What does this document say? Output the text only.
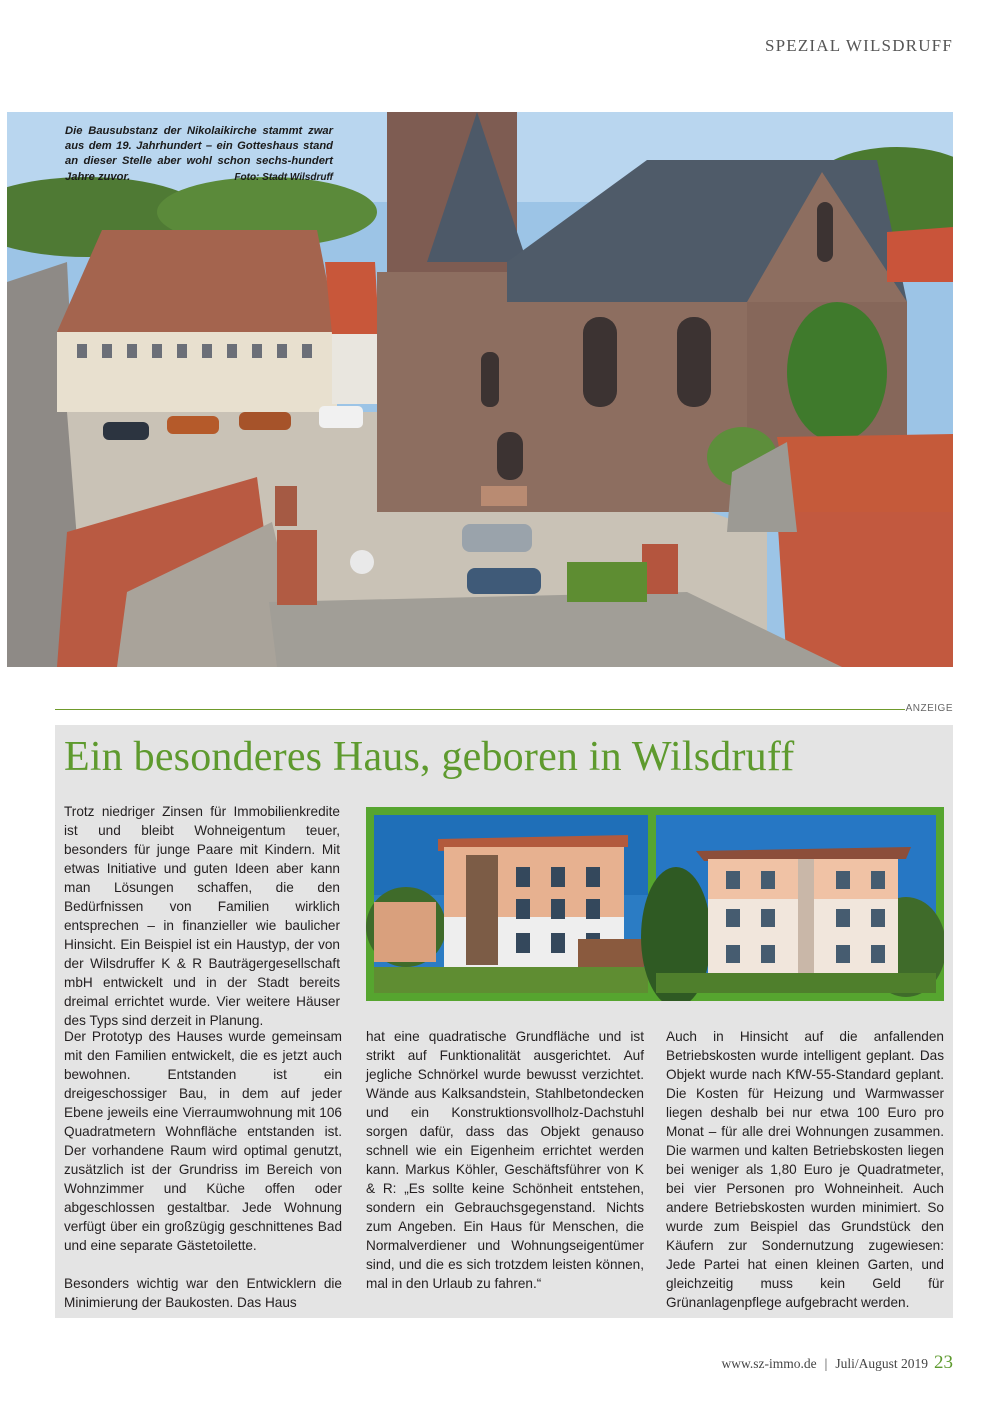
SPEZIAL WILSDRUFF
Die Bausubstanz der Nikolaikirche stammt zwar aus dem 19. Jahrhundert – ein Gotteshaus stand an dieser Stelle aber wohl schon sechs-hundert Jahre zuvor.	Foto: Stadt Wilsdruff
ANZEIGE
Ein besonderes Haus, geboren in Wilsdruff

Trotz niedriger Zinsen für Immobilienkredite ist und bleibt Wohneigentum teuer, besonders für junge Paare mit Kindern. Mit etwas Initiative und guten Ideen aber kann man Lösungen schaffen, die den Bedürfnissen von Familien wirklich entsprechen – in finanzieller wie baulicher Hinsicht. Ein Beispiel ist ein Haustyp, der von der Wilsdruffer K & R Bauträgergesellschaft mbH entwickelt und in der Stadt bereits dreimal errichtet wurde. Vier weitere Häuser des Typs sind derzeit in Planung.

Der Prototyp des Hauses wurde gemeinsam mit den Familien entwickelt, die es jetzt auch bewohnen. Entstanden ist ein dreigeschossiger Bau, in dem auf jeder Ebene jeweils eine Vierraumwohnung mit 106 Quadratmetern Wohnfläche entstanden ist. Der vorhandene Raum wird optimal genutzt, zusätzlich ist der Grundriss im Bereich von Wohnzimmer und Küche offen oder abgeschlossen gestaltbar. Jede Wohnung verfügt über ein großzügig geschnittenes Bad und eine separate Gästetoilette.

Besonders wichtig war den Entwicklern die Minimierung der Baukosten. Das Haus

hat eine quadratische Grundfläche und ist strikt auf Funktionalität ausgerichtet. Auf jegliche Schnörkel wurde bewusst verzichtet. Wände aus Kalksandstein, Stahlbetondecken und ein Konstruktionsvollholz-Dachstuhl sorgen dafür, dass das Objekt genauso schnell wie ein Eigenheim errichtet werden kann. Markus Köhler, Geschäftsführer von K & R: „Es sollte keine Schönheit entstehen, sondern ein Gebrauchsgegenstand. Nichts zum Angeben. Ein Haus für Menschen, die Normalverdiener und Wohnungseigentümer sind, und die es sich trotzdem leisten können, mal in den Urlaub zu fahren.“

Auch in Hinsicht auf die anfallenden Betriebskosten wurde intelligent geplant. Das Objekt wurde nach KfW-55-Standard geplant. Die Kosten für Heizung und Warmwasser liegen deshalb bei nur etwa 100 Euro pro Monat – für alle drei Wohnungen zusammen. Die warmen und kalten Betriebskosten liegen bei weniger als 1,80 Euro je Quadratmeter, bei vier Personen pro Wohneinheit. Auch andere Betriebskosten wurden minimiert. So wurde zum Beispiel das Grundstück den Käufern zur Sondernutzung zugewiesen: Jede Partei hat einen kleinen Garten, und gleichzeitig muss kein Geld für Grünanlagenpflege aufgebracht werden.

www.sz-immo.de | Juli/August 2019 23
